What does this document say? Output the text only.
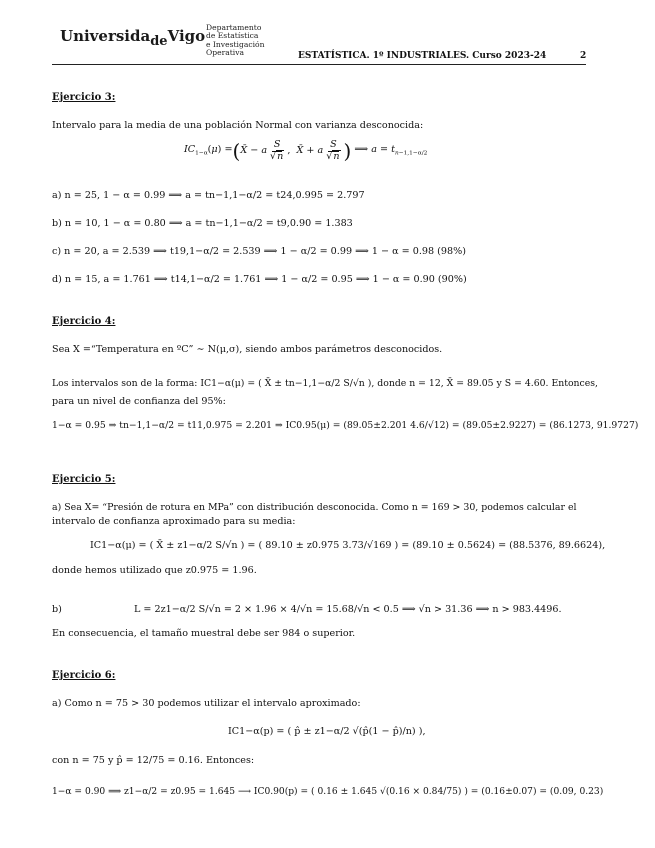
Universida$_{de}$Vigo Departamento
de Estatística
e Investigación
Operativa	ESTATÍSTICA. 1º INDUSTRIALES. Curso 2023-24	2
Ejercicio 3:
Intervalo para la media de una población Normal con varianza desconocida:
$IC_{1-\alpha}(\mu)$ = ( X̄ − a $\frac{S}{√n}$ ,  X̄ + a $\frac{S}{√n}$ ) ⟹ $a = t_{n-1,1-\alpha/2}$
a) n = 25, 1 − α = 0.99 ⟹ a = tn−1,1−α/2 = t24,0.995 = 2.797
b) n = 10, 1 − α = 0.80 ⟹ a = tn−1,1−α/2 = t9,0.90 = 1.383
c) n = 20, a = 2.539 ⟹ t19,1−α/2 = 2.539 ⟹ 1 − α/2 = 0.99 ⟹ 1 − α = 0.98 (98%)
d) n = 15, a = 1.761 ⟹ t14,1−α/2 = 1.761 ⟹ 1 − α/2 = 0.95 ⟹ 1 − α = 0.90 (90%)
Ejercicio 4:
Sea X =“Temperatura en ºC” ∼ N(μ,σ), siendo ambos parámetros desconocidos.
Los intervalos son de la forma: IC1−α(μ) = ( X̄ ± tn−1,1−α/2 S/√n ), donde n = 12, X̄ = 89.05 y S = 4.60. Entonces,
para un nivel de confianza del 95%:
1−α = 0.95 ⇒ tn−1,1−α/2 = t11,0.975 = 2.201 ⇒ IC0.95(μ) = (89.05±2.201 4.6/√12) = (89.05±2.9227) = (86.1273, 91.9727)
Ejercicio 5:
a) Sea X= “Presión de rotura en MPa” con distribución desconocida. Como n = 169 > 30, podemos calcular el
intervalo de confianza aproximado para su media:
IC1−α(μ) = ( X̄ ± z1−α/2 S/√n ) = ( 89.10 ± z0.975 3.73/√169 ) = (89.10 ± 0.5624) = (88.5376, 89.6624),
donde hemos utilizado que z0.975 = 1.96.
b)	L = 2z1−α/2 S/√n = 2 × 1.96 × 4/√n = 15.68/√n < 0.5 ⟹ √n > 31.36 ⟹ n > 983.4496.
En consecuencia, el tamaño muestral debe ser 984 o superior.
Ejercicio 6:
a) Como n = 75 > 30 podemos utilizar el intervalo aproximado:
IC1−α(p) = ( p̂ ± z1−α/2 √(p̂(1 − p̂)/n) ),
con n = 75 y p̂ = 12/75 = 0.16. Entonces:
1−α = 0.90 ⟹ z1−α/2 = z0.95 = 1.645 ⟶ IC0.90(p) = ( 0.16 ± 1.645 √(0.16 × 0.84/75) ) = (0.16±0.07) = (0.09, 0.23)
